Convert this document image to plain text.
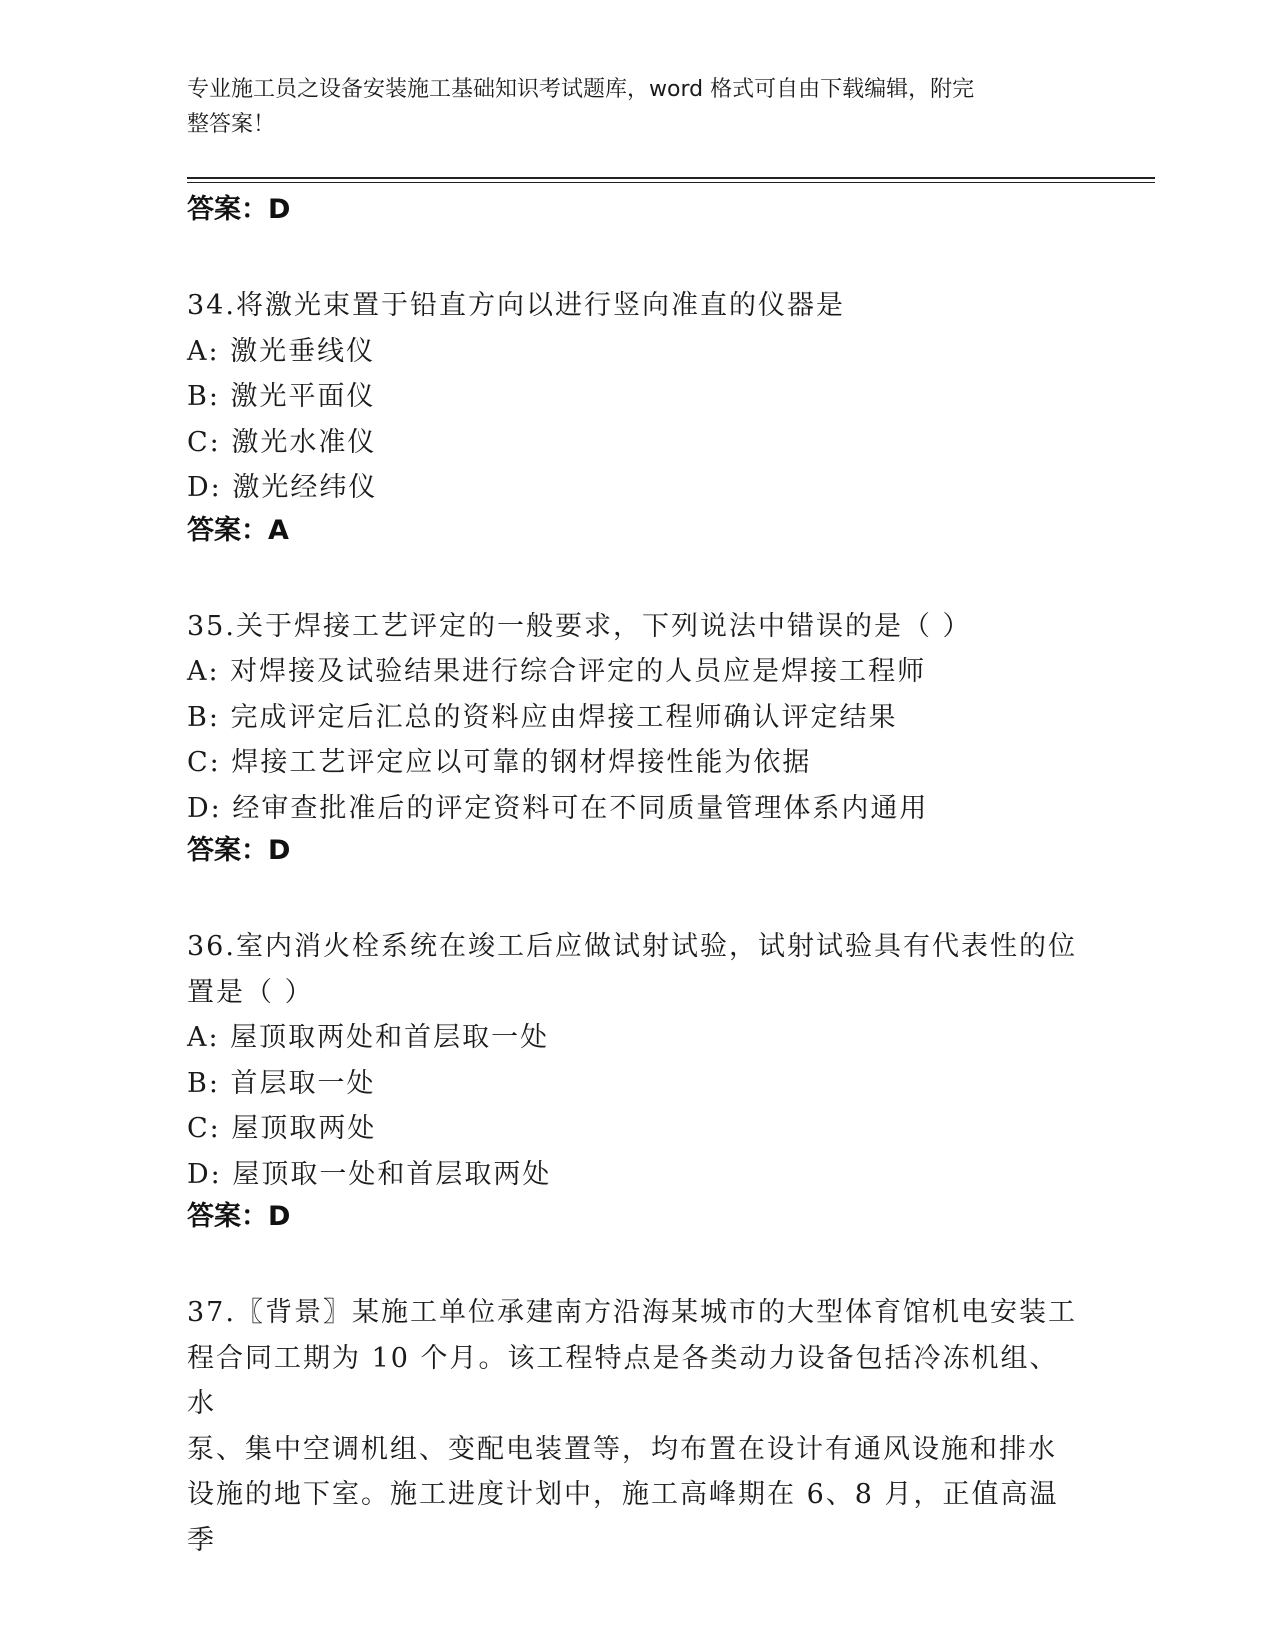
专业施工员之设备安装施工基础知识考试题库，word 格式可自由下载编辑，附完
整答案！

答案：D

34.将激光束置于铅直方向以进行竖向准直的仪器是

A: 激光垂线仪

B: 激光平面仪

C: 激光水准仪

D: 激光经纬仪

答案：A

35.关于焊接工艺评定的一般要求，下列说法中错误的是（ ）

A: 对焊接及试验结果进行综合评定的人员应是焊接工程师

B: 完成评定后汇总的资料应由焊接工程师确认评定结果

C: 焊接工艺评定应以可靠的钢材焊接性能为依据

D: 经审查批准后的评定资料可在不同质量管理体系内通用

答案：D

36.室内消火栓系统在竣工后应做试射试验，试射试验具有代表性的位

置是（ ）

A: 屋顶取两处和首层取一处

B: 首层取一处

C: 屋顶取两处

D: 屋顶取一处和首层取两处

答案：D

37.〖背景〗某施工单位承建南方沿海某城市的大型体育馆机电安装工

程合同工期为 10 个月。该工程特点是各类动力设备包括冷冻机组、水

泵、集中空调机组、变配电装置等，均布置在设计有通风设施和排水

设施的地下室。施工进度计划中，施工高峰期在 6、8 月，正值高温季
